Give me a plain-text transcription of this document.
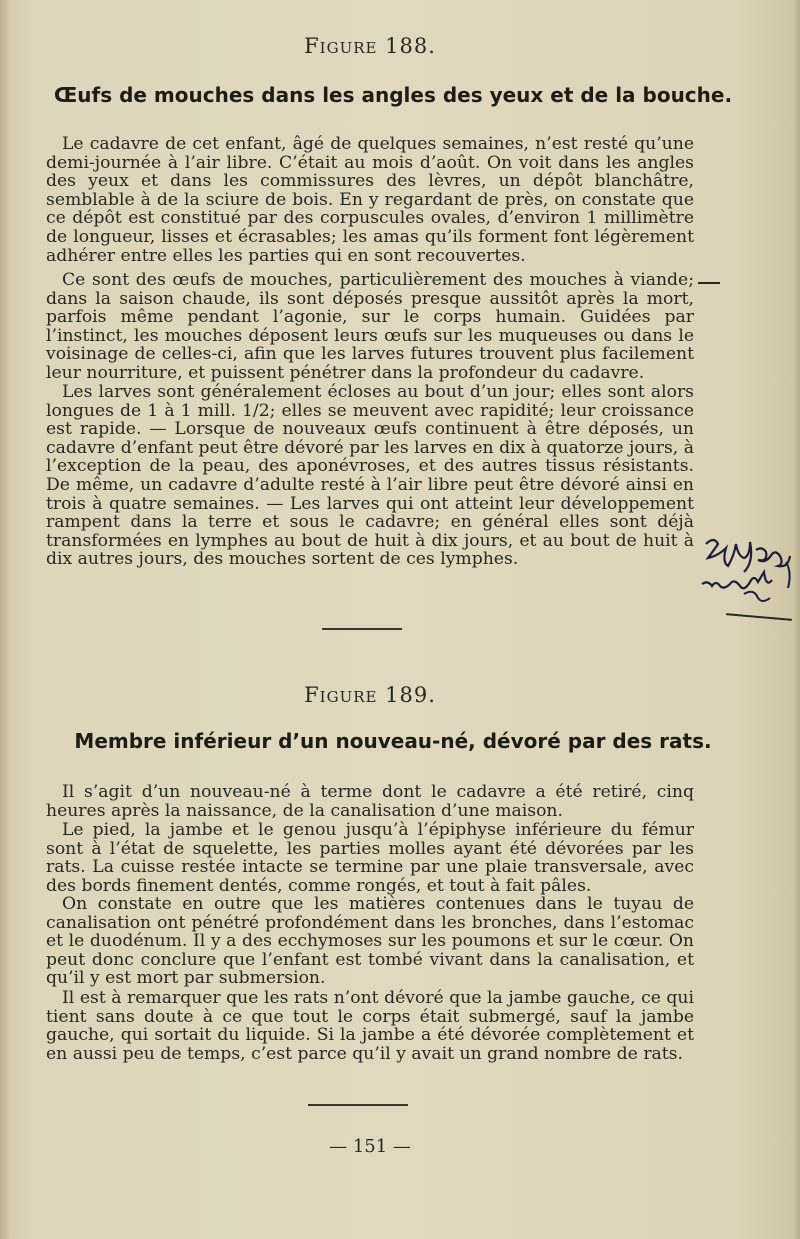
Figure 188.
Œufs de mouches dans les angles des yeux et de la bouche.

Le cadavre de cet enfant, âgé de quelques semaines, n’est resté qu’une demi-journée à l’air libre. C’était au mois d’août. On voit dans les angles des yeux et dans les commissures des lèvres, un dépôt blanchâtre, semblable à de la sciure de bois. En y regardant de près, on constate que ce dépôt est constitué par des corpuscules ovales, d’environ 1 millimètre de longueur, lisses et écrasables; les amas qu’ils forment font légèrement adhérer entre elles les parties qui en sont recouvertes.

Ce sont des œufs de mouches, particulièrement des mouches à viande; dans la saison chaude, ils sont déposés presque aussitôt après la mort, parfois même pendant l’agonie, sur le corps humain. Guidées par l’instinct, les mouches déposent leurs œufs sur les muqueuses ou dans le voisinage de celles-ci, afin que les larves futures trouvent plus facilement leur nourriture, et puissent pénétrer dans la profondeur du cadavre.

Les larves sont généralement écloses au bout d’un jour; elles sont alors longues de 1 à 1 mill. 1/2; elles se meuvent avec rapidité; leur croissance est rapide. — Lorsque de nouveaux œufs continuent à être déposés, un cadavre d’enfant peut être dévoré par les larves en dix à quatorze jours, à l’exception de la peau, des aponévroses, et des autres tissus résistants. De même, un cadavre d’adulte resté à l’air libre peut être dévoré ainsi en trois à quatre semaines. — Les larves qui ont atteint leur développement rampent dans la terre et sous le cadavre; en général elles sont déjà transformées en lymphes au bout de huit à dix jours, et au bout de huit à dix autres jours, des mouches sortent de ces lymphes.

Figure 189.
Membre inférieur d’un nouveau-né, dévoré par des rats.

Il s’agit d’un nouveau-né à terme dont le cadavre a été retiré, cinq heures après la naissance, de la canalisation d’une maison.

Le pied, la jambe et le genou jusqu’à l’épiphyse inférieure du fémur sont à l’état de squelette, les parties molles ayant été dévorées par les rats. La cuisse restée intacte se termine par une plaie transversale, avec des bords finement dentés, comme rongés, et tout à fait pâles.

On constate en outre que les matières contenues dans le tuyau de canalisation ont pénétré profondément dans les bronches, dans l’estomac et le duodénum. Il y a des ecchymoses sur les poumons et sur le cœur. On peut donc conclure que l’enfant est tombé vivant dans la canalisation, et qu’il y est mort par submersion.

Il est à remarquer que les rats n’ont dévoré que la jambe gauche, ce qui tient sans doute à ce que tout le corps était submergé, sauf la jambe gauche, qui sortait du liquide. Si la jambe a été dévorée complètement et en aussi peu de temps, c’est parce qu’il y avait un grand nombre de rats.

— 151 —
